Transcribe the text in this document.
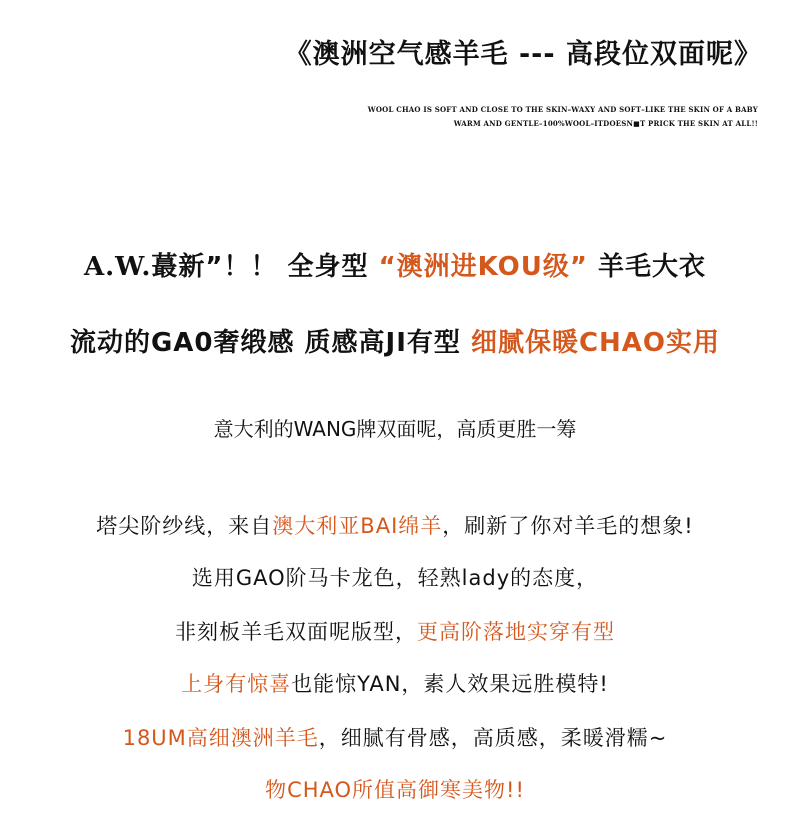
《澳洲空气感羊毛 --- 高段位双面呢》
WOOL CHAO IS SOFT AND CLOSE TO THE SKIN–WAXY AND SOFT–LIKE THE SKIN OF A BABY
WARM AND GENTLE–100%WOOL–ITDOESN■T PRICK THE SKIN AT ALL!!
A.W.蕞新”！！ 全身型 “澳洲进KOU级” 羊毛大衣
流动的GA0奢缎感 质感高JI有型 细腻保暖CHAO实用
意大利的WANG牌双面呢，高质更胜一筹
塔尖阶纱线，来自澳大利亚BAI绵羊，刷新了你对羊毛的想象!
选用GAO阶马卡龙色，轻熟lady的态度，
非刻板羊毛双面呢版型，更高阶落地实穿有型
上身有惊喜也能惊YAN，素人效果远胜模特!
18UM高细澳洲羊毛，细腻有骨感，高质感，柔暖滑糯~
物CHAO所值高御寒美物!!
